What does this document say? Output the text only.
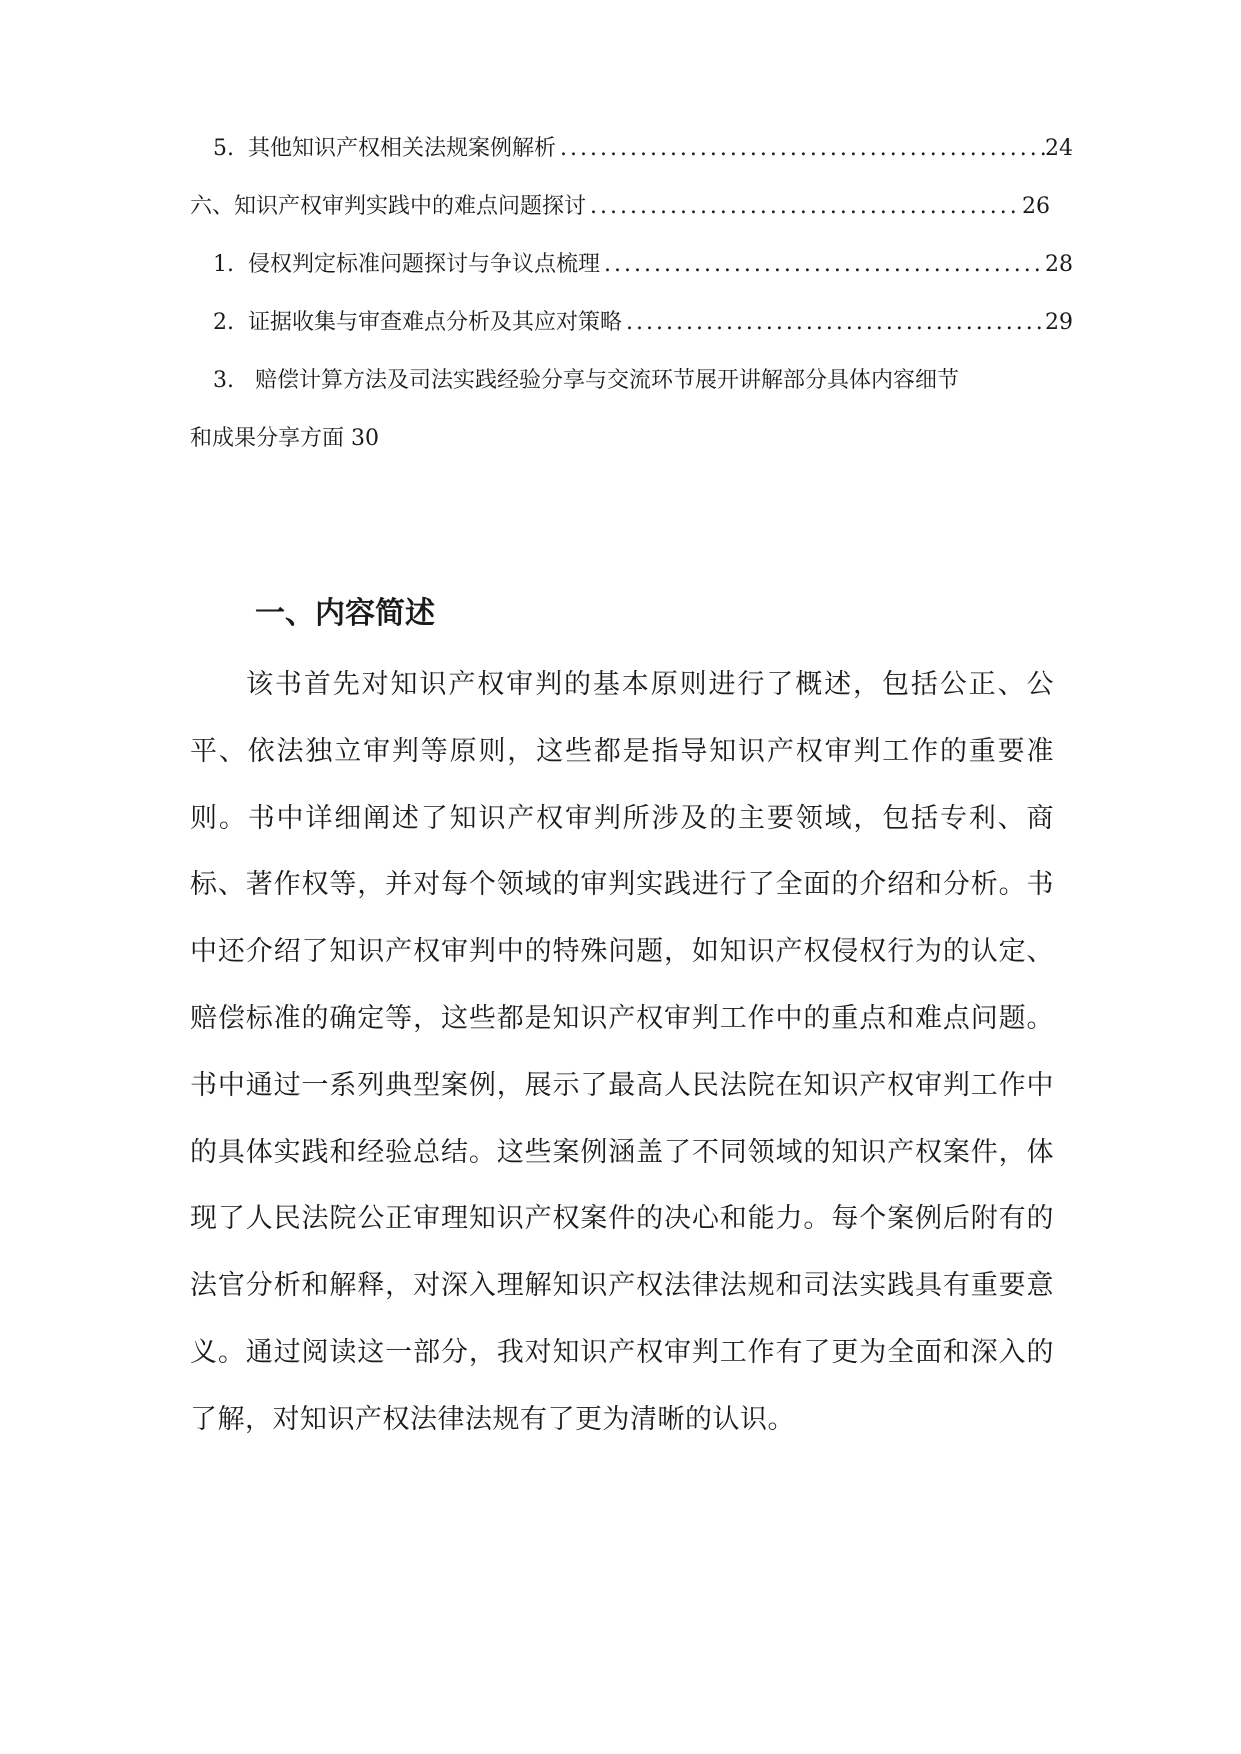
5. 其他知识产权相关法规案例解析 .....	24
六、知识产权审判实践中的难点问题探讨 .....	26
1. 侵权判定标准问题探讨与争议点梳理 .....	28
2. 证据收集与审查难点分析及其应对策略 .....	29
3. 赔偿计算方法及司法实践经验分享与交流环节展开讲解部分具体内容细节
和成果分享方面 30
一、内容简述

该书首先对知识产权审判的基本原则进行了概述，包括公正、公平、依法独立审判等原则，这些都是指导知识产权审判工作的重要准则。书中详细阐述了知识产权审判所涉及的主要领域，包括专利、商标、著作权等，并对每个领域的审判实践进行了全面的介绍和分析。书中还介绍了知识产权审判中的特殊问题，如知识产权侵权行为的认定、赔偿标准的确定等，这些都是知识产权审判工作中的重点和难点问题。书中通过一系列典型案例，展示了最高人民法院在知识产权审判工作中的具体实践和经验总结。这些案例涵盖了不同领域的知识产权案件，体现了人民法院公正审理知识产权案件的决心和能力。每个案例后附有的法官分析和解释，对深入理解知识产权法律法规和司法实践具有重要意义。通过阅读这一部分，我对知识产权审判工作有了更为全面和深入的了解，对知识产权法律法规有了更为清晰的认识。
